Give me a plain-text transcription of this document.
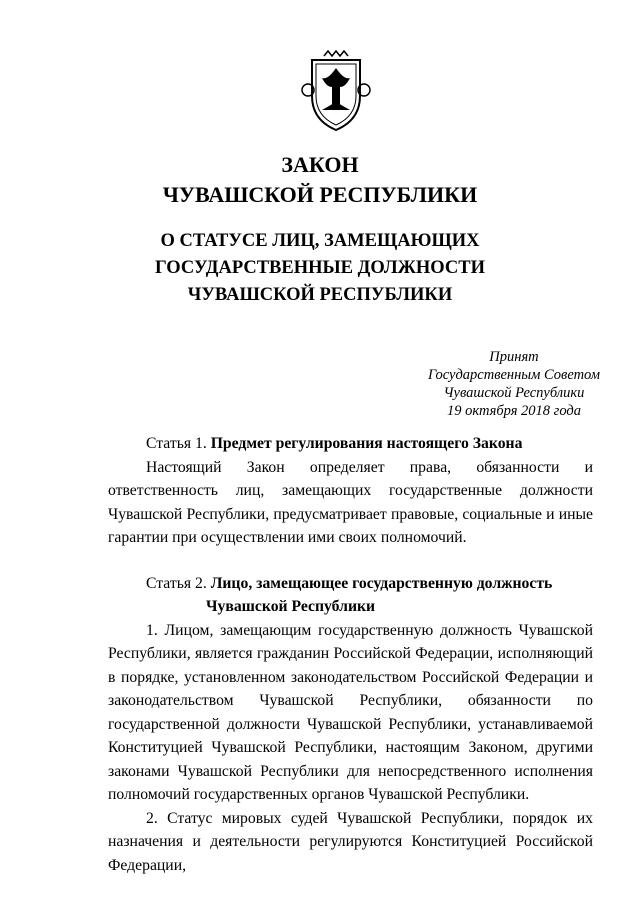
ЗАКОН
ЧУВАШСКОЙ РЕСПУБЛИКИ
О СТАТУСЕ ЛИЦ, ЗАМЕЩАЮЩИХ
ГОСУДАРСТВЕННЫЕ ДОЛЖНОСТИ
ЧУВАШСКОЙ РЕСПУБЛИКИ
Принят
Государственным Советом
Чувашской Республики
19 октября 2018 года

Статья 1. Предмет регулирования настоящего Закона

Настоящий Закон определяет права, обязанности и ответственность лиц, замещающих государственные должности Чувашской Республики, предусматривает правовые, социальные и иные гарантии при осуществлении ими своих полномочий.

Статья 2. Лицо, замещающее государственную должность Чувашской Республики

1. Лицом, замещающим государственную должность Чувашской Республики, является гражданин Российской Федерации, исполняющий в порядке, установленном законодательством Российской Федерации и законодательством Чувашской Республики, обязанности по государственной должности Чувашской Республики, устанавливаемой Конституцией Чувашской Республики, настоящим Законом, другими законами Чувашской Республики для непосредственного исполнения полномочий государственных органов Чувашской Республики.

2. Статус мировых судей Чувашской Республики, порядок их назначения и деятельности регулируются Конституцией Российской Федерации,
